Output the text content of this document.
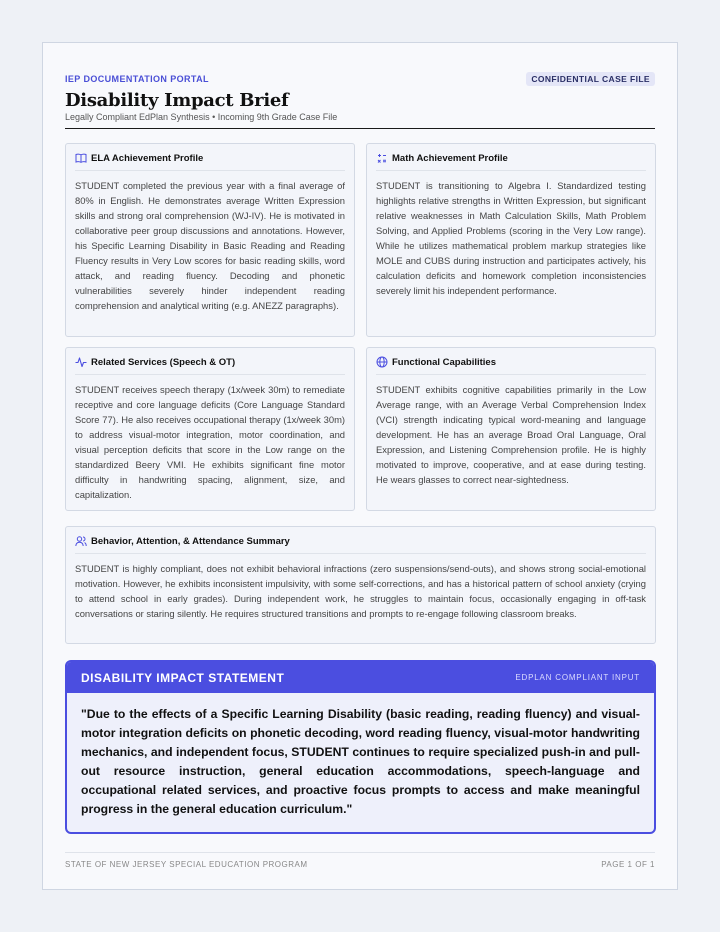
IEP DOCUMENTATION PORTAL	CONFIDENTIAL CASE FILE
Disability Impact Brief
Legally Compliant EdPlan Synthesis • Incoming 9th Grade Case File
ELA Achievement Profile
STUDENT completed the previous year with a final average of 80% in English. He demonstrates average Written Expression skills and strong oral comprehension (WJ-IV). He is motivated in collaborative peer group discussions and annotations. However, his Specific Learning Disability in Basic Reading and Reading Fluency results in Very Low scores for basic reading skills, word attack, and reading fluency. Decoding and phonetic vulnerabilities severely hinder independent reading comprehension and analytical writing (e.g. ANEZZ paragraphs).
Math Achievement Profile
STUDENT is transitioning to Algebra I. Standardized testing highlights relative strengths in Written Expression, but significant relative weaknesses in Math Calculation Skills, Math Problem Solving, and Applied Problems (scoring in the Very Low range). While he utilizes mathematical problem markup strategies like MOLE and CUBS during instruction and participates actively, his calculation deficits and homework completion inconsistencies severely limit his independent performance.
Related Services (Speech & OT)
STUDENT receives speech therapy (1x/week 30m) to remediate receptive and core language deficits (Core Language Standard Score 77). He also receives occupational therapy (1x/week 30m) to address visual-motor integration, motor coordination, and visual perception deficits that score in the Low range on the standardized Beery VMI. He exhibits significant fine motor difficulty in handwriting spacing, alignment, size, and capitalization.
Functional Capabilities
STUDENT exhibits cognitive capabilities primarily in the Low Average range, with an Average Verbal Comprehension Index (VCI) strength indicating typical word-meaning and language development. He has an average Broad Oral Language, Oral Expression, and Listening Comprehension profile. He is highly motivated to improve, cooperative, and at ease during testing. He wears glasses to correct near-sightedness.
Behavior, Attention, & Attendance Summary
STUDENT is highly compliant, does not exhibit behavioral infractions (zero suspensions/send-outs), and shows strong social-emotional motivation. However, he exhibits inconsistent impulsivity, with some self-corrections, and has a historical pattern of school anxiety (crying to attend school in early grades). During independent work, he struggles to maintain focus, occasionally engaging in off-task conversations or staring silently. He requires structured transitions and prompts to re-engage following classroom breaks.
DISABILITY IMPACT STATEMENT	EDPLAN COMPLIANT INPUT
"Due to the effects of a Specific Learning Disability (basic reading, reading fluency) and visual-motor integration deficits on phonetic decoding, word reading fluency, visual-motor handwriting mechanics, and independent focus, STUDENT continues to require specialized push-in and pull-out resource instruction, general education accommodations, speech-language and occupational related services, and proactive focus prompts to access and make meaningful progress in the general education curriculum."
STATE OF NEW JERSEY SPECIAL EDUCATION PROGRAM	PAGE 1 OF 1
